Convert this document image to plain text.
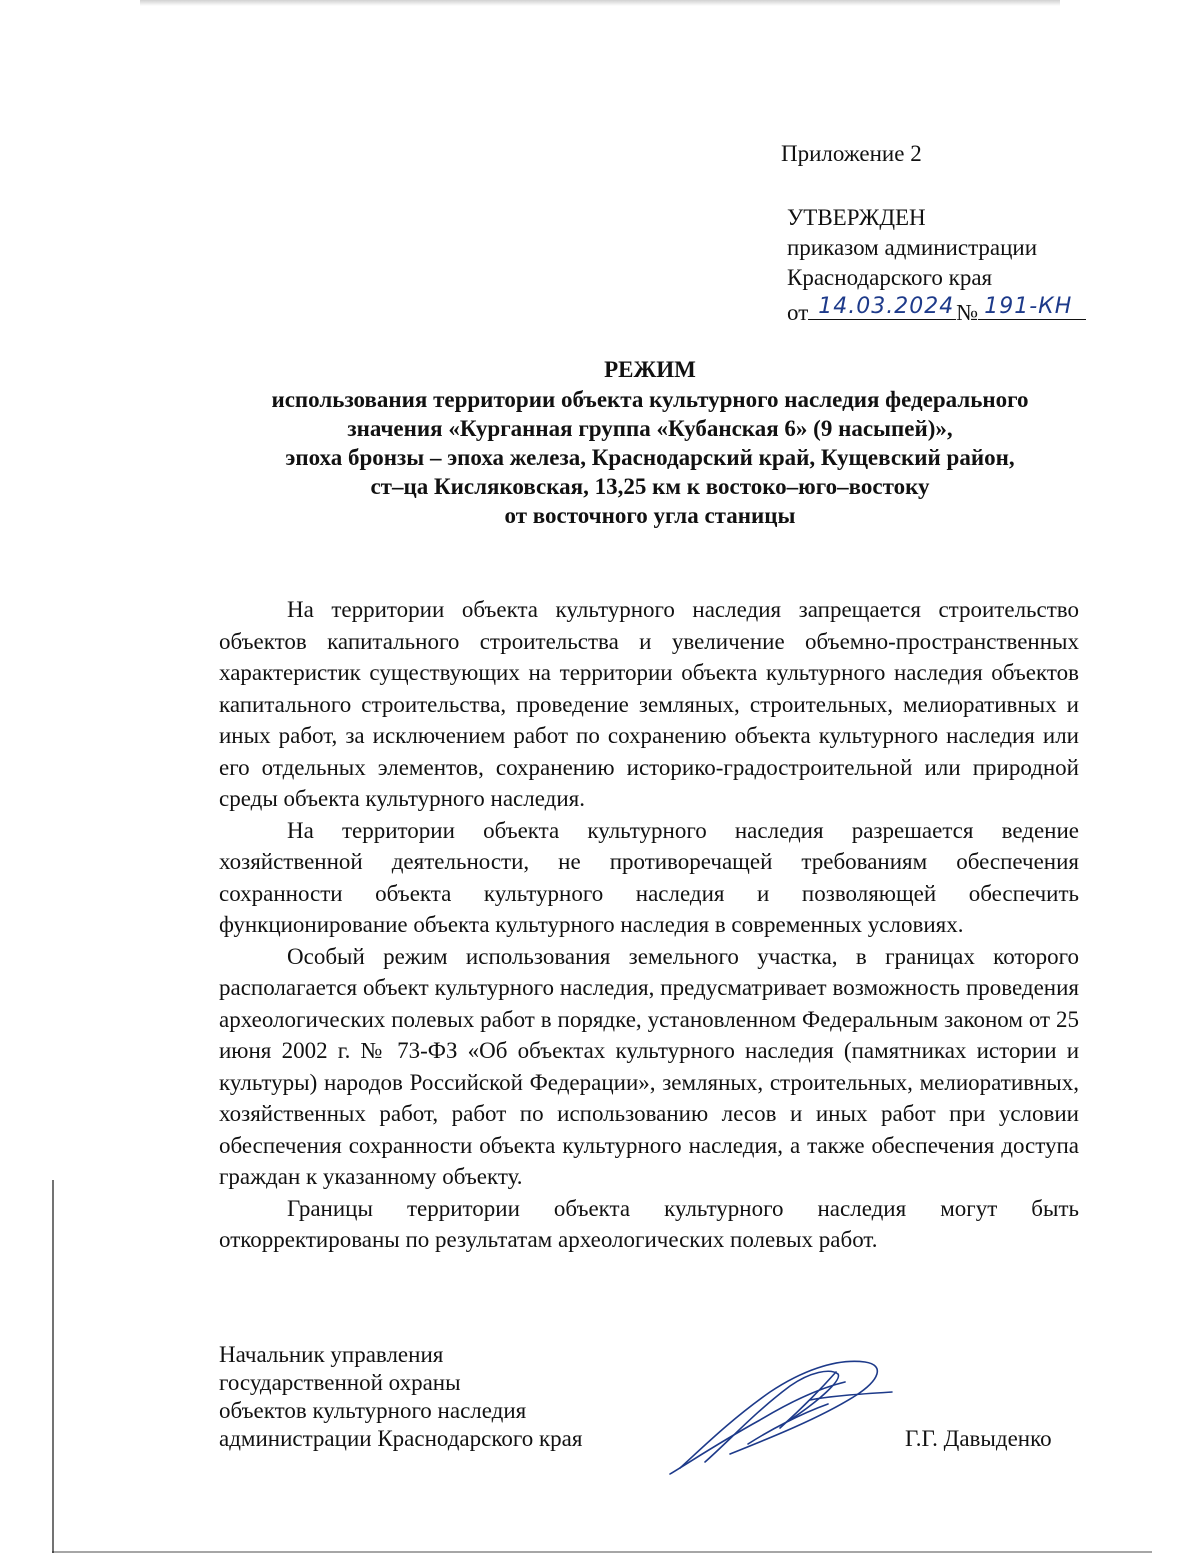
Приложение 2
УТВЕРЖДЕН
приказом администрации
Краснодарского края
от 14.03.2024 № 191-КН
РЕЖИМ
использования территории объекта культурного наследия федерального
значения «Курганная группа «Кубанская 6» (9 насыпей)»,
эпоха бронзы – эпоха железа, Краснодарский край, Кущевский район,
ст–ца Кисляковская, 13,25 км к востоко–юго–востоку
от восточного угла станицы

На территории объекта культурного наследия запрещается строительство объектов капитального строительства и увеличение объемно-пространственных характеристик существующих на территории объекта культурного наследия объектов капитального строительства, проведение земляных, строительных, мелиоративных и иных работ, за исключением работ по сохранению объекта культурного наследия или его отдельных элементов, сохранению историко-градостроительной или природной среды объекта культурного наследия.

На территории объекта культурного наследия разрешается ведение хозяйственной деятельности, не противоречащей требованиям обеспечения сохранности объекта культурного наследия и позволяющей обеспечить функционирование объекта культурного наследия в современных условиях.

Особый режим использования земельного участка, в границах которого располагается объект культурного наследия, предусматривает возможность проведения археологических полевых работ в порядке, установленном Федеральным законом от 25 июня 2002 г. № 73-ФЗ «Об объектах культурного наследия (памятниках истории и культуры) народов Российской Федерации», земляных, строительных, мелиоративных, хозяйственных работ, работ по использованию лесов и иных работ при условии обеспечения сохранности объекта культурного наследия, а также обеспечения доступа граждан к указанному объекту.

Границы территории объекта культурного наследия могут быть откорректированы по результатам археологических полевых работ.

Начальник управления
государственной охраны
объектов культурного наследия
администрации Краснодарского края	Г.Г. Давыденко
